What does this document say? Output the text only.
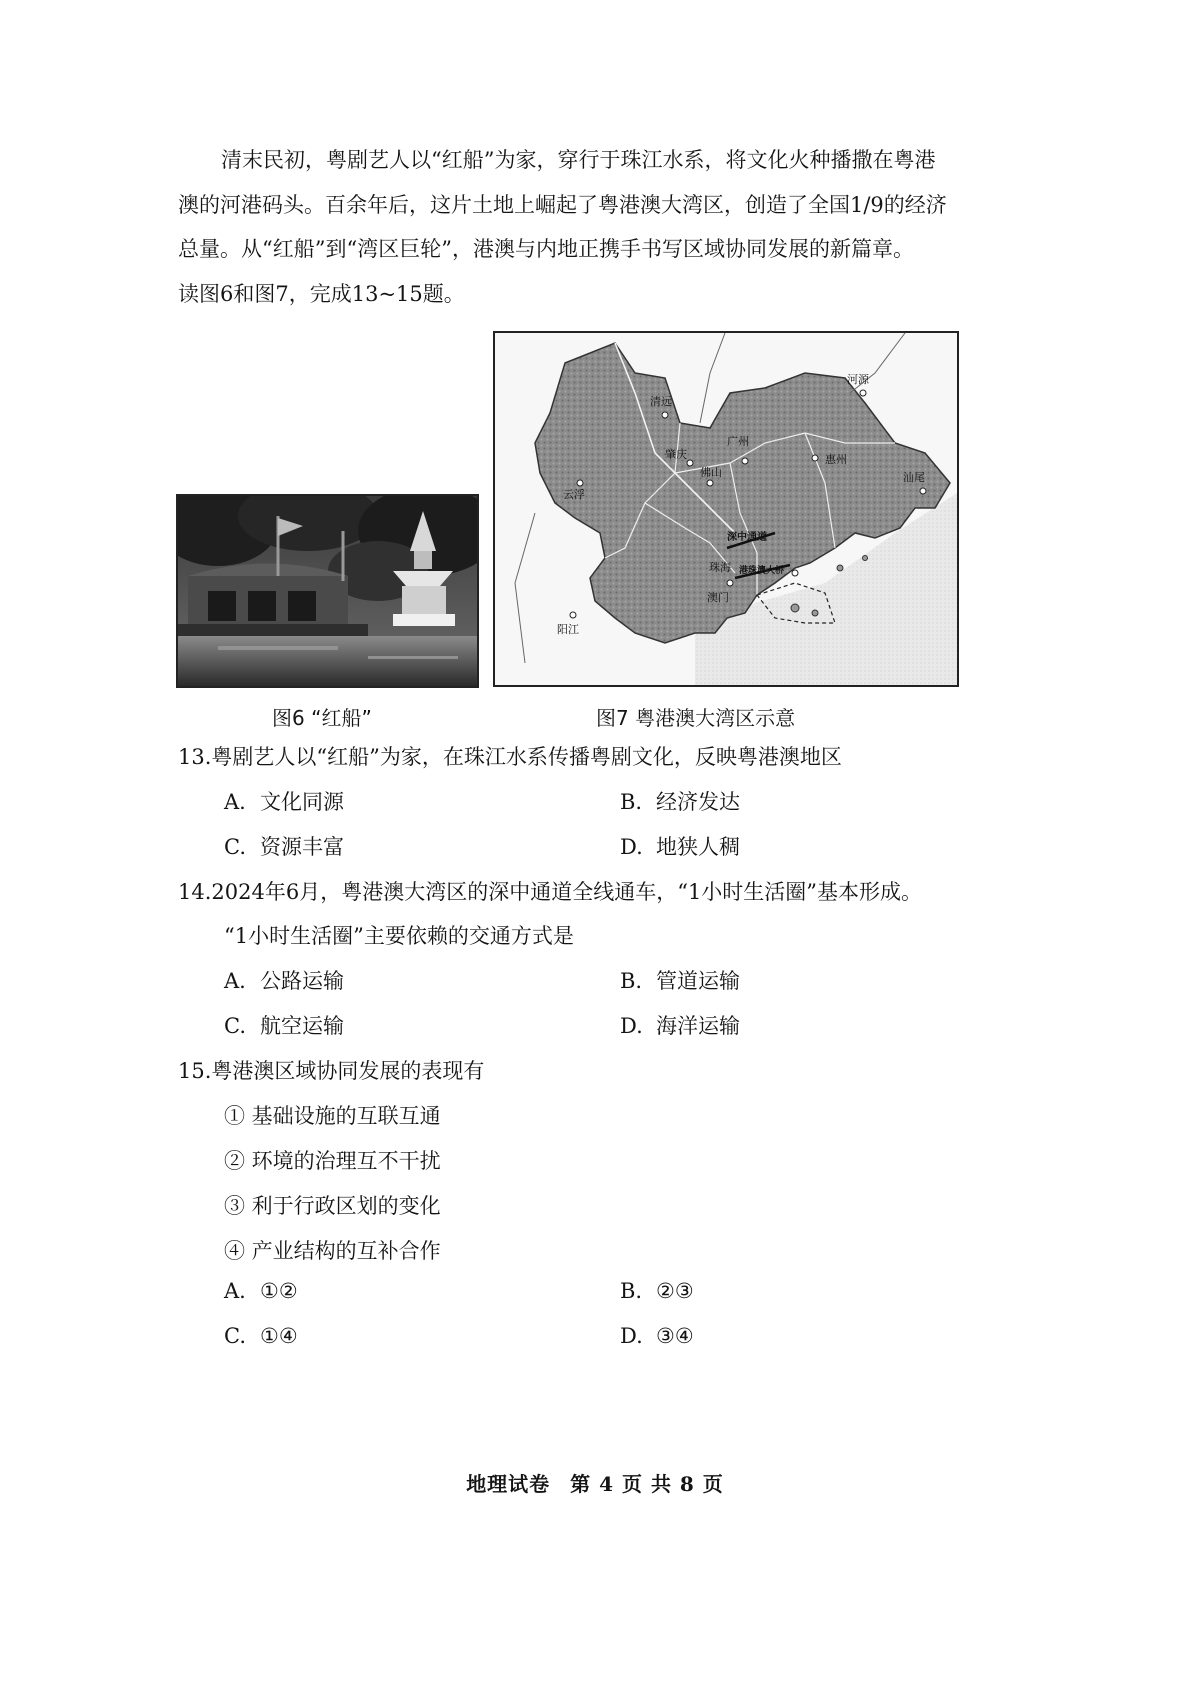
清末民初，粤剧艺人以“红船”为家，穿行于珠江水系，将文化火种播撒在粤港
澳的河港码头。百余年后，这片土地上崛起了粤港澳大湾区，创造了全国1/9的经济
总量。从“红船”到“湾区巨轮”，港澳与内地正携手书写区域协同发展的新篇章。
读图6和图7，完成13~15题。
清远
河源
肇庆
广州
惠州
佛山
云浮
汕尾
深中通道
港珠澳大桥
珠海
澳门
阳江
图6 “红船”	图7 粤港澳大湾区示意
13.粤剧艺人以“红船”为家，在珠江水系传播粤剧文化，反映粤港澳地区
A. 文化同源	B. 经济发达
C. 资源丰富	D. 地狭人稠
14.2024年6月，粤港澳大湾区的深中通道全线通车，“1小时生活圈”基本形成。
“1小时生活圈”主要依赖的交通方式是
A. 公路运输	B. 管道运输
C. 航空运输	D. 海洋运输
15.粤港澳区域协同发展的表现有
① 基础设施的互联互通
② 环境的治理互不干扰
③ 利于行政区划的变化
④ 产业结构的互补合作
A. ①②	B. ②③
C. ①④	D. ③④
地理试卷 第 4 页 共 8 页
